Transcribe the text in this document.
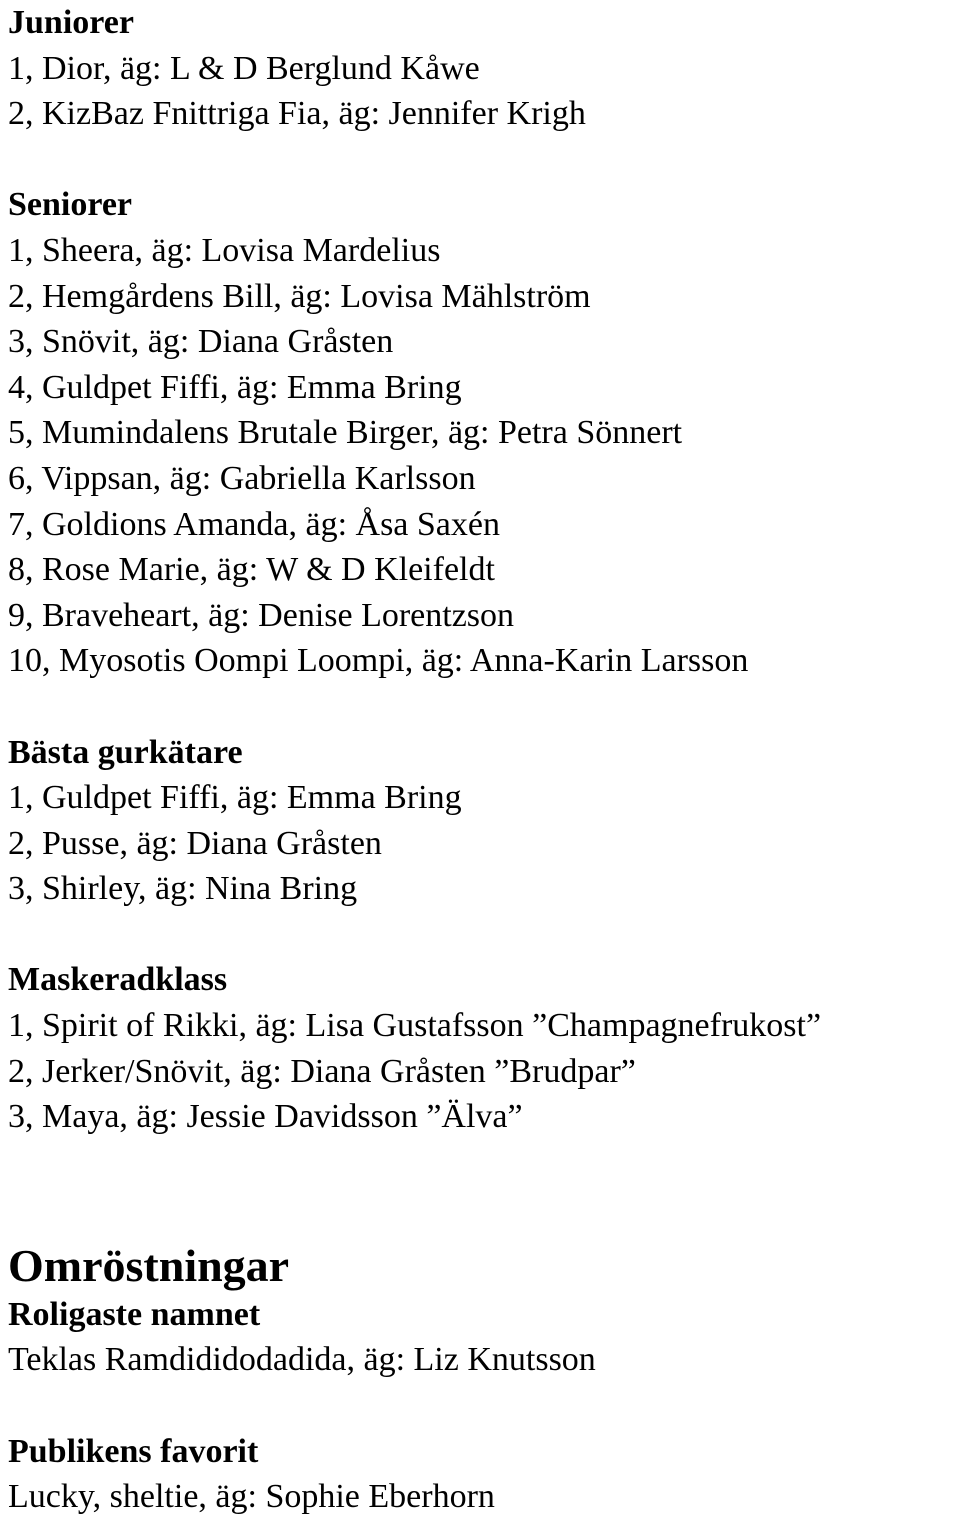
Juniorer
1, Dior, äg: L & D Berglund Kåwe
2, KizBaz Fnittriga Fia, äg: Jennifer Krigh
Seniorer
1, Sheera, äg: Lovisa Mardelius
2, Hemgårdens Bill, äg: Lovisa Mählström
3, Snövit, äg: Diana Gråsten
4, Guldpet Fiffi, äg: Emma Bring
5, Mumindalens Brutale Birger, äg: Petra Sönnert
6, Vippsan, äg: Gabriella Karlsson
7, Goldions Amanda, äg: Åsa Saxén
8, Rose Marie, äg: W & D Kleifeldt
9, Braveheart, äg: Denise Lorentzson
10, Myosotis Oompi Loompi, äg: Anna-Karin Larsson
Bästa gurkätare
1, Guldpet Fiffi, äg: Emma Bring
2, Pusse, äg: Diana Gråsten
3, Shirley, äg: Nina Bring
Maskeradklass
1, Spirit of Rikki, äg: Lisa Gustafsson ”Champagnefrukost”
2, Jerker/Snövit, äg: Diana Gråsten ”Brudpar”
3, Maya, äg: Jessie Davidsson ”Älva”
Omröstningar
Roligaste namnet
Teklas Ramdididodadida, äg: Liz Knutsson
Publikens favorit
Lucky, sheltie, äg: Sophie Eberhorn
